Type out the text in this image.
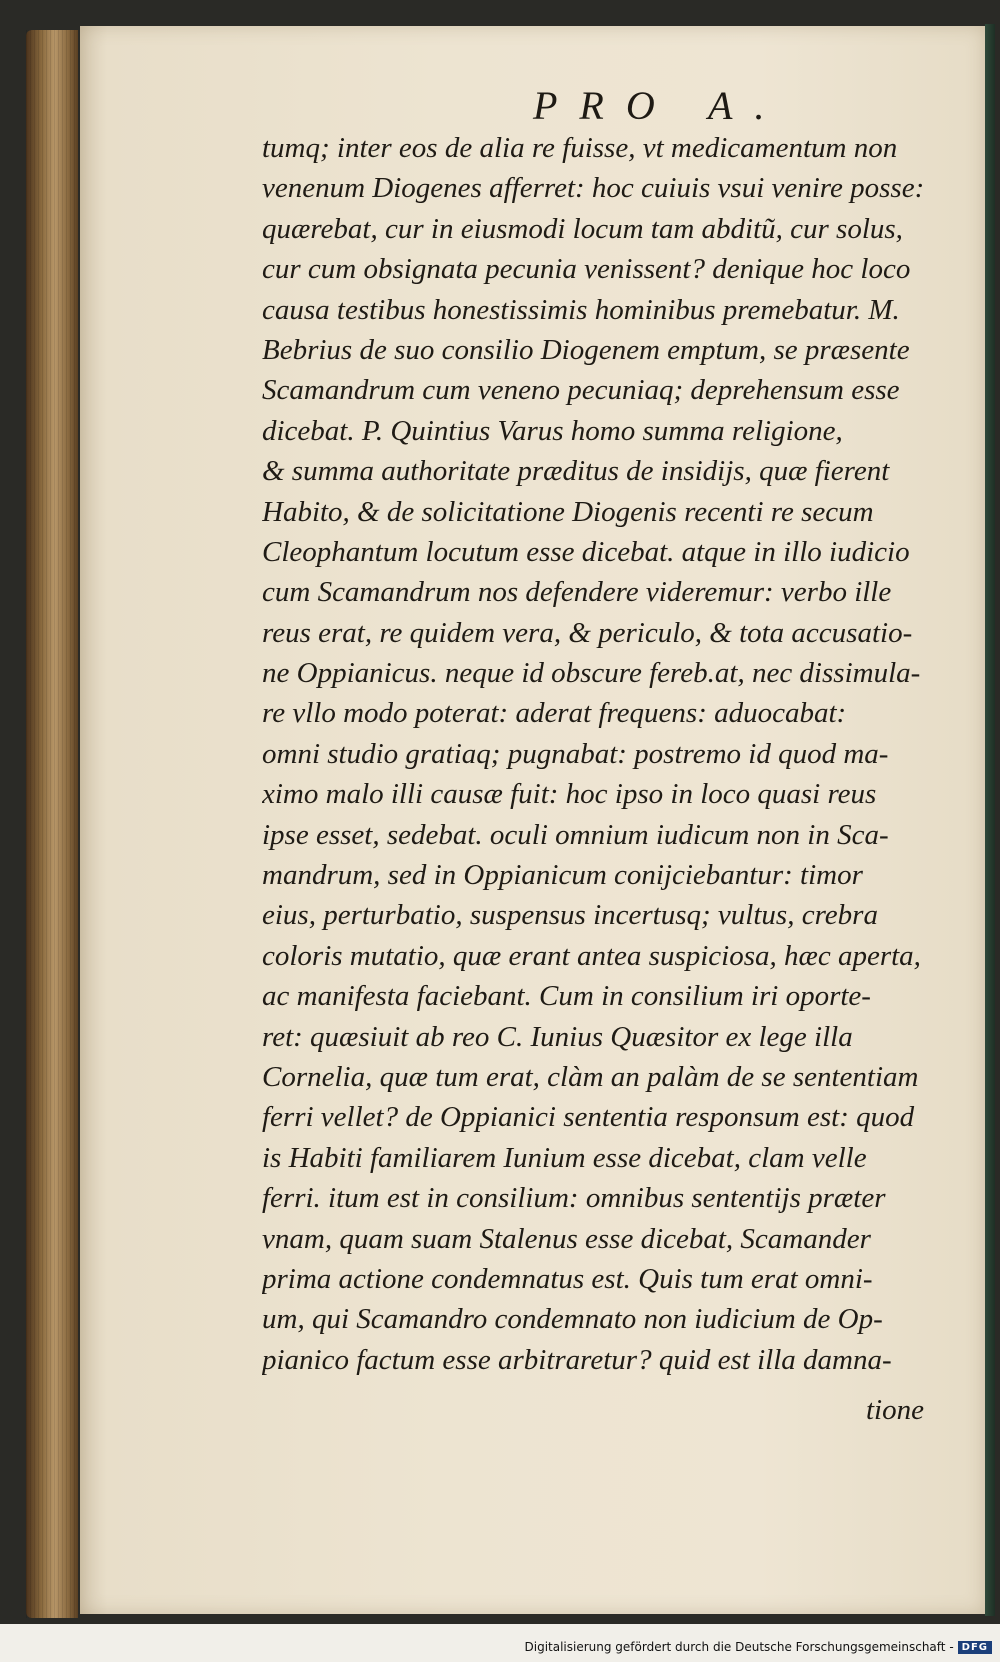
PRO A.
tumq; inter eos de alia re fuisse, vt medicamentum non
venenum Diogenes afferret: hoc cuiuis vsui venire posse:
quærebat, cur in eiusmodi locum tam abditũ, cur solus,
cur cum obsignata pecunia venissent? denique hoc loco
causa testibus honestissimis hominibus premebatur. M.
Bebrius de suo consilio Diogenem emptum, se præsente
Scamandrum cum veneno pecuniaq; deprehensum esse
dicebat. P. Quintius Varus homo summa religione,
& summa authoritate præditus de insidijs, quæ fierent
Habito, & de solicitatione Diogenis recenti re secum
Cleophantum locutum esse dicebat. atque in illo iudicio
cum Scamandrum nos defendere videremur: verbo ille
reus erat, re quidem vera, & periculo, & tota accusatio-
ne Oppianicus. neque id obscure fereb.at, nec dissimula-
re vllo modo poterat: aderat frequens: aduocabat:
omni studio gratiaq; pugnabat: postremo id quod ma-
ximo malo illi causæ fuit: hoc ipso in loco quasi reus
ipse esset, sedebat. oculi omnium iudicum non in Sca-
mandrum, sed in Oppianicum conijciebantur: timor
eius, perturbatio, suspensus incertusq; vultus, crebra
coloris mutatio, quæ erant antea suspiciosa, hæc aperta,
ac manifesta faciebant. Cum in consilium iri oporte-
ret: quæsiuit ab reo C. Iunius Quæsitor ex lege illa
Cornelia, quæ tum erat, clàm an palàm de se sententiam
ferri vellet? de Oppianici sententia responsum est: quod
is Habiti familiarem Iunium esse dicebat, clam velle
ferri. itum est in consilium: omnibus sententijs præter
vnam, quam suam Stalenus esse dicebat, Scamander
prima actione condemnatus est. Quis tum erat omni-
um, qui Scamandro condemnato non iudicium de Op-
pianico factum esse arbitraretur? quid est illa damna-
tione
Digitalisierung gefördert durch die Deutsche Forschungsgemeinschaft - DFG
